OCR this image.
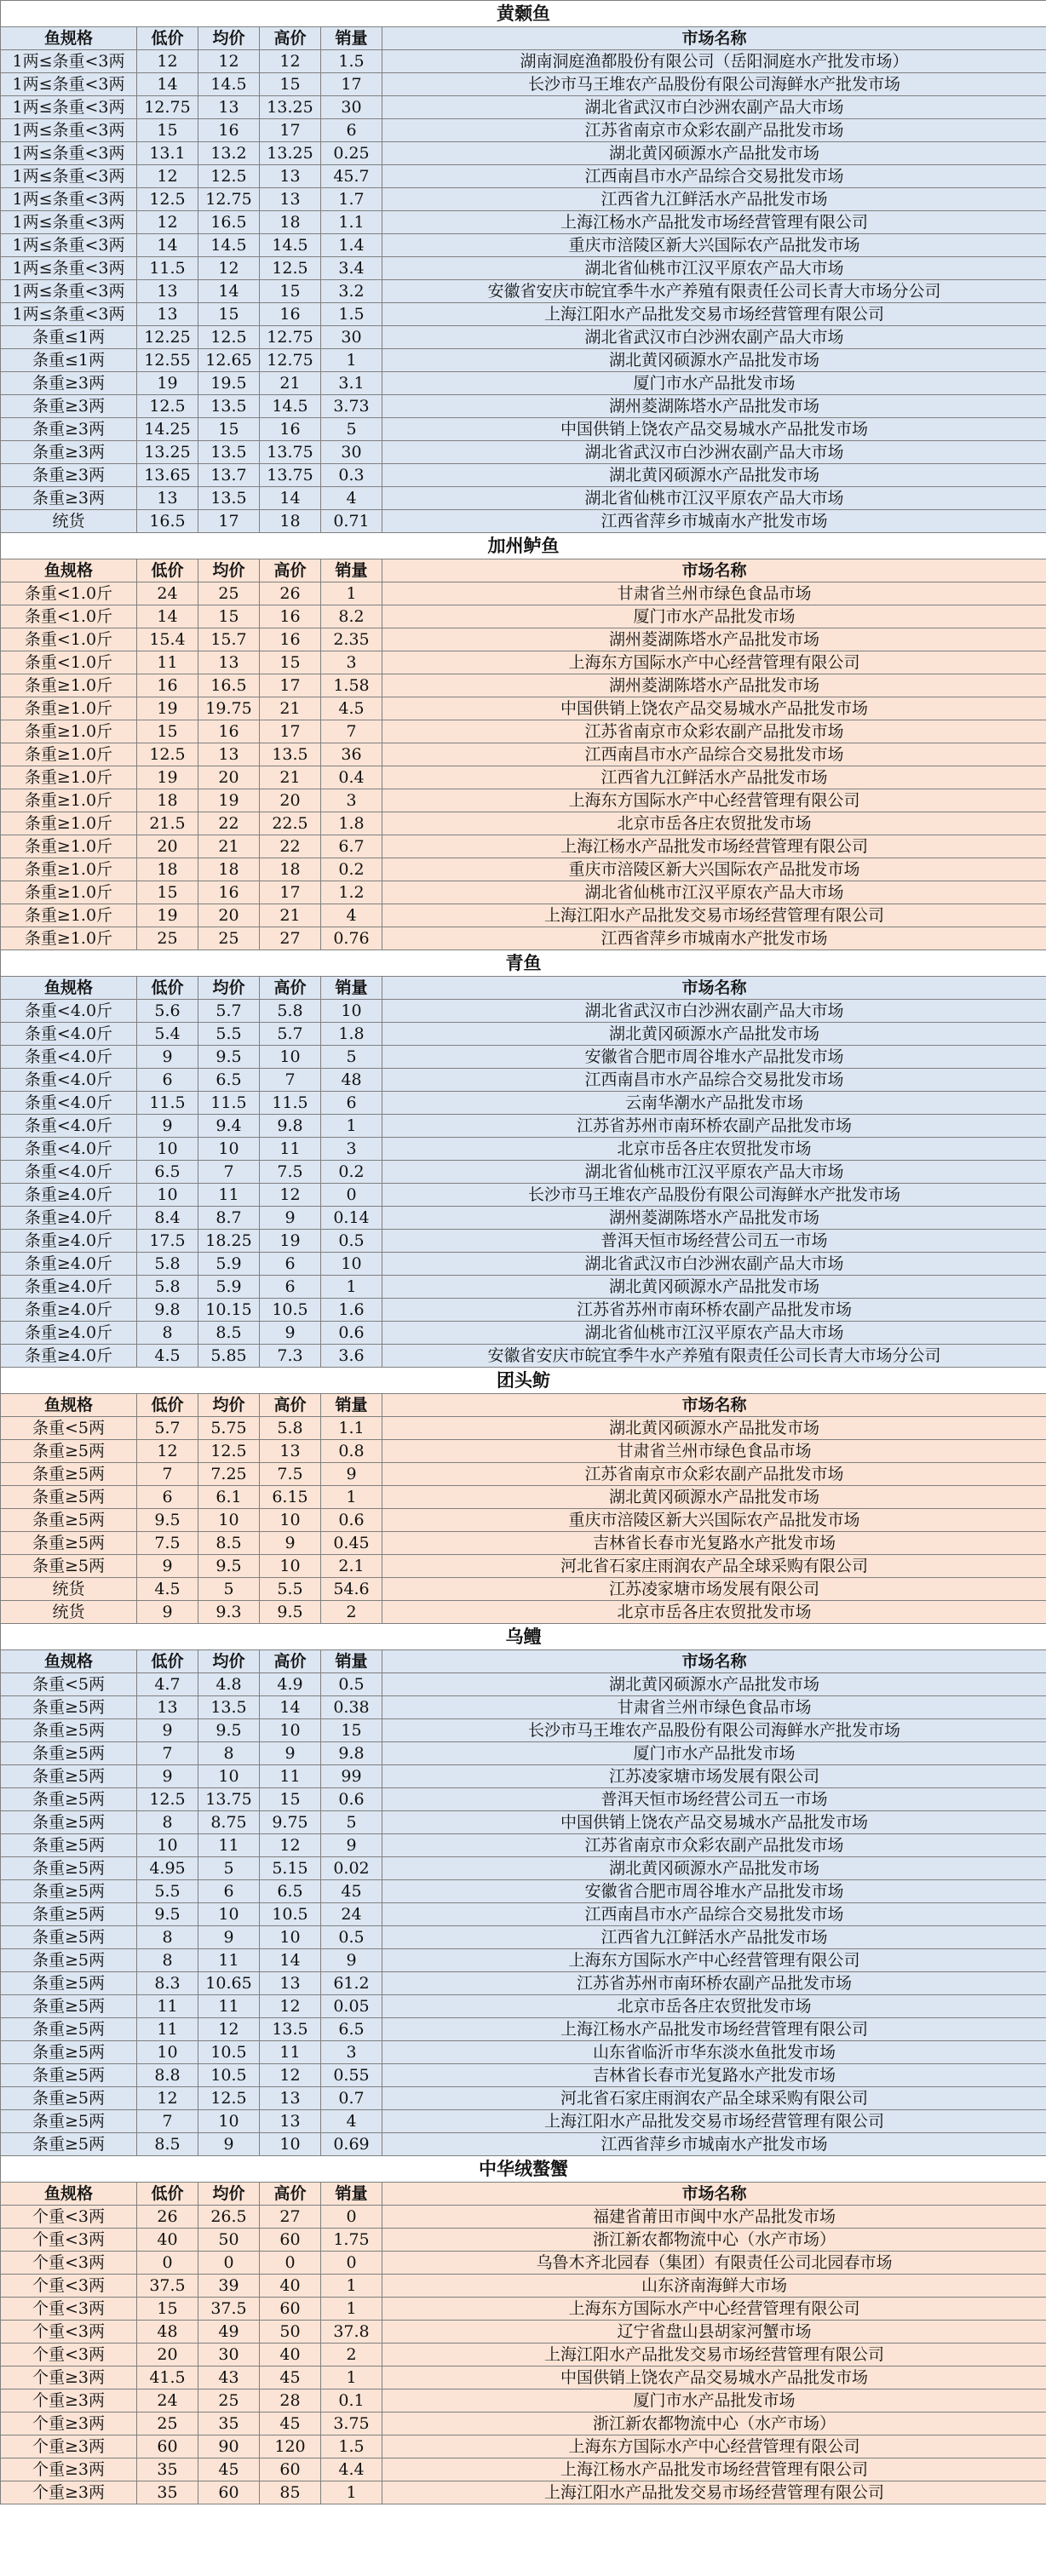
黄颡鱼					
鱼规格	低价	均价	高价	销量	市场名称
1两≤条重<3两	12	12	12	1.5	湖南洞庭渔都股份有限公司（岳阳洞庭水产批发市场）
1两≤条重<3两	14	14.5	15	17	长沙市马王堆农产品股份有限公司海鲜水产批发市场
1两≤条重<3两	12.75	13	13.25	30	湖北省武汉市白沙洲农副产品大市场
1两≤条重<3两	15	16	17	6	江苏省南京市众彩农副产品批发市场
1两≤条重<3两	13.1	13.2	13.25	0.25	湖北黄冈硕源水产品批发市场
1两≤条重<3两	12	12.5	13	45.7	江西南昌市水产品综合交易批发市场
1两≤条重<3两	12.5	12.75	13	1.7	江西省九江鲜活水产品批发市场
1两≤条重<3两	12	16.5	18	1.1	上海江杨水产品批发市场经营管理有限公司
1两≤条重<3两	14	14.5	14.5	1.4	重庆市涪陵区新大兴国际农产品批发市场
1两≤条重<3两	11.5	12	12.5	3.4	湖北省仙桃市江汉平原农产品大市场
1两≤条重<3两	13	14	15	3.2	安徽省安庆市皖宜季牛水产养殖有限责任公司长青大市场分公司
1两≤条重<3两	13	15	16	1.5	上海江阳水产品批发交易市场经营管理有限公司
条重≤1两	12.25	12.5	12.75	30	湖北省武汉市白沙洲农副产品大市场
条重≤1两	12.55	12.65	12.75	1	湖北黄冈硕源水产品批发市场
条重≥3两	19	19.5	21	3.1	厦门市水产品批发市场
条重≥3两	12.5	13.5	14.5	3.73	湖州菱湖陈塔水产品批发市场
条重≥3两	14.25	15	16	5	中国供销上饶农产品交易城水产品批发市场
条重≥3两	13.25	13.5	13.75	30	湖北省武汉市白沙洲农副产品大市场
条重≥3两	13.65	13.7	13.75	0.3	湖北黄冈硕源水产品批发市场
条重≥3两	13	13.5	14	4	湖北省仙桃市江汉平原农产品大市场
统货	16.5	17	18	0.71	江西省萍乡市城南水产批发市场
加州鲈鱼					
鱼规格	低价	均价	高价	销量	市场名称
条重<1.0斤	24	25	26	1	甘肃省兰州市绿色食品市场
条重<1.0斤	14	15	16	8.2	厦门市水产品批发市场
条重<1.0斤	15.4	15.7	16	2.35	湖州菱湖陈塔水产品批发市场
条重<1.0斤	11	13	15	3	上海东方国际水产中心经营管理有限公司
条重≥1.0斤	16	16.5	17	1.58	湖州菱湖陈塔水产品批发市场
条重≥1.0斤	19	19.75	21	4.5	中国供销上饶农产品交易城水产品批发市场
条重≥1.0斤	15	16	17	7	江苏省南京市众彩农副产品批发市场
条重≥1.0斤	12.5	13	13.5	36	江西南昌市水产品综合交易批发市场
条重≥1.0斤	19	20	21	0.4	江西省九江鲜活水产品批发市场
条重≥1.0斤	18	19	20	3	上海东方国际水产中心经营管理有限公司
条重≥1.0斤	21.5	22	22.5	1.8	北京市岳各庄农贸批发市场
条重≥1.0斤	20	21	22	6.7	上海江杨水产品批发市场经营管理有限公司
条重≥1.0斤	18	18	18	0.2	重庆市涪陵区新大兴国际农产品批发市场
条重≥1.0斤	15	16	17	1.2	湖北省仙桃市江汉平原农产品大市场
条重≥1.0斤	19	20	21	4	上海江阳水产品批发交易市场经营管理有限公司
条重≥1.0斤	25	25	27	0.76	江西省萍乡市城南水产批发市场
青鱼					
鱼规格	低价	均价	高价	销量	市场名称
条重<4.0斤	5.6	5.7	5.8	10	湖北省武汉市白沙洲农副产品大市场
条重<4.0斤	5.4	5.5	5.7	1.8	湖北黄冈硕源水产品批发市场
条重<4.0斤	9	9.5	10	5	安徽省合肥市周谷堆水产品批发市场
条重<4.0斤	6	6.5	7	48	江西南昌市水产品综合交易批发市场
条重<4.0斤	11.5	11.5	11.5	6	云南华潮水产品批发市场
条重<4.0斤	9	9.4	9.8	1	江苏省苏州市南环桥农副产品批发市场
条重<4.0斤	10	10	11	3	北京市岳各庄农贸批发市场
条重<4.0斤	6.5	7	7.5	0.2	湖北省仙桃市江汉平原农产品大市场
条重≥4.0斤	10	11	12	0	长沙市马王堆农产品股份有限公司海鲜水产批发市场
条重≥4.0斤	8.4	8.7	9	0.14	湖州菱湖陈塔水产品批发市场
条重≥4.0斤	17.5	18.25	19	0.5	普洱天恒市场经营公司五一市场
条重≥4.0斤	5.8	5.9	6	10	湖北省武汉市白沙洲农副产品大市场
条重≥4.0斤	5.8	5.9	6	1	湖北黄冈硕源水产品批发市场
条重≥4.0斤	9.8	10.15	10.5	1.6	江苏省苏州市南环桥农副产品批发市场
条重≥4.0斤	8	8.5	9	0.6	湖北省仙桃市江汉平原农产品大市场
条重≥4.0斤	4.5	5.85	7.3	3.6	安徽省安庆市皖宜季牛水产养殖有限责任公司长青大市场分公司
团头鲂					
鱼规格	低价	均价	高价	销量	市场名称
条重<5两	5.7	5.75	5.8	1.1	湖北黄冈硕源水产品批发市场
条重≥5两	12	12.5	13	0.8	甘肃省兰州市绿色食品市场
条重≥5两	7	7.25	7.5	9	江苏省南京市众彩农副产品批发市场
条重≥5两	6	6.1	6.15	1	湖北黄冈硕源水产品批发市场
条重≥5两	9.5	10	10	0.6	重庆市涪陵区新大兴国际农产品批发市场
条重≥5两	7.5	8.5	9	0.45	吉林省长春市光复路水产批发市场
条重≥5两	9	9.5	10	2.1	河北省石家庄雨润农产品全球采购有限公司
统货	4.5	5	5.5	54.6	江苏凌家塘市场发展有限公司
统货	9	9.3	9.5	2	北京市岳各庄农贸批发市场
乌鳢					
鱼规格	低价	均价	高价	销量	市场名称
条重<5两	4.7	4.8	4.9	0.5	湖北黄冈硕源水产品批发市场
条重≥5两	13	13.5	14	0.38	甘肃省兰州市绿色食品市场
条重≥5两	9	9.5	10	15	长沙市马王堆农产品股份有限公司海鲜水产批发市场
条重≥5两	7	8	9	9.8	厦门市水产品批发市场
条重≥5两	9	10	11	99	江苏凌家塘市场发展有限公司
条重≥5两	12.5	13.75	15	0.6	普洱天恒市场经营公司五一市场
条重≥5两	8	8.75	9.75	5	中国供销上饶农产品交易城水产品批发市场
条重≥5两	10	11	12	9	江苏省南京市众彩农副产品批发市场
条重≥5两	4.95	5	5.15	0.02	湖北黄冈硕源水产品批发市场
条重≥5两	5.5	6	6.5	45	安徽省合肥市周谷堆水产品批发市场
条重≥5两	9.5	10	10.5	24	江西南昌市水产品综合交易批发市场
条重≥5两	8	9	10	0.5	江西省九江鲜活水产品批发市场
条重≥5两	8	11	14	9	上海东方国际水产中心经营管理有限公司
条重≥5两	8.3	10.65	13	61.2	江苏省苏州市南环桥农副产品批发市场
条重≥5两	11	11	12	0.05	北京市岳各庄农贸批发市场
条重≥5两	11	12	13.5	6.5	上海江杨水产品批发市场经营管理有限公司
条重≥5两	10	10.5	11	3	山东省临沂市华东淡水鱼批发市场
条重≥5两	8.8	10.5	12	0.55	吉林省长春市光复路水产批发市场
条重≥5两	12	12.5	13	0.7	河北省石家庄雨润农产品全球采购有限公司
条重≥5两	7	10	13	4	上海江阳水产品批发交易市场经营管理有限公司
条重≥5两	8.5	9	10	0.69	江西省萍乡市城南水产批发市场
中华绒螯蟹					
鱼规格	低价	均价	高价	销量	市场名称
个重<3两	26	26.5	27	0	福建省莆田市闽中水产品批发市场
个重<3两	40	50	60	1.75	浙江新农都物流中心（水产市场）
个重<3两	0	0	0	0	乌鲁木齐北园春（集团）有限责任公司北园春市场
个重<3两	37.5	39	40	1	山东济南海鲜大市场
个重<3两	15	37.5	60	1	上海东方国际水产中心经营管理有限公司
个重<3两	48	49	50	37.8	辽宁省盘山县胡家河蟹市场
个重<3两	20	30	40	2	上海江阳水产品批发交易市场经营管理有限公司
个重≥3两	41.5	43	45	1	中国供销上饶农产品交易城水产品批发市场
个重≥3两	24	25	28	0.1	厦门市水产品批发市场
个重≥3两	25	35	45	3.75	浙江新农都物流中心（水产市场）
个重≥3两	60	90	120	1.5	上海东方国际水产中心经营管理有限公司
个重≥3两	35	45	60	4.4	上海江杨水产品批发市场经营管理有限公司
个重≥3两	35	60	85	1	上海江阳水产品批发交易市场经营管理有限公司
